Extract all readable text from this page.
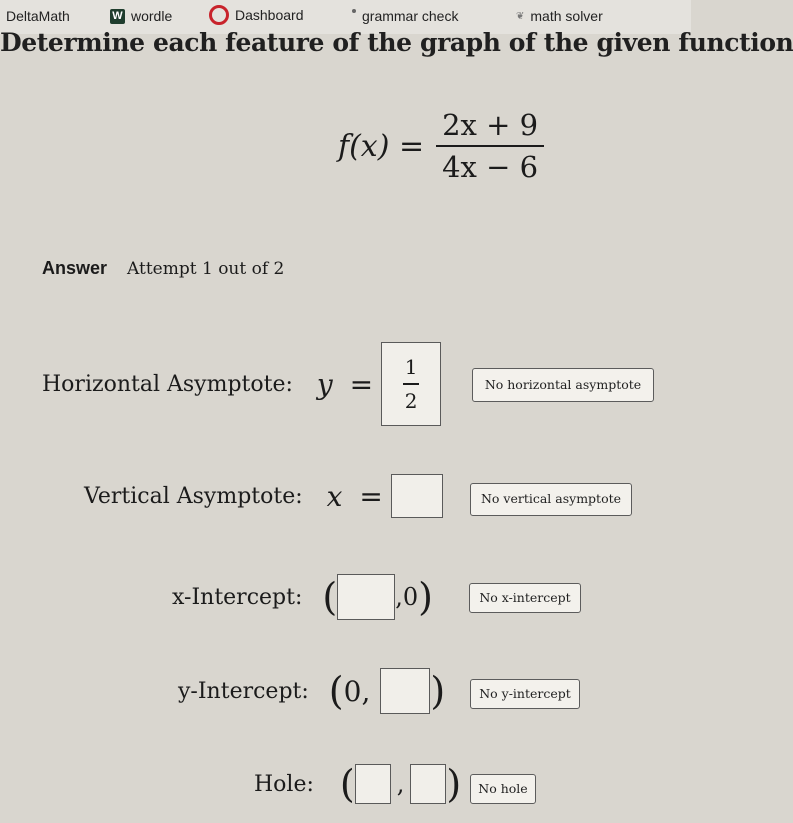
DeltaMath	W wordle	Dashboard	grammar check	❦ math solver
Determine each feature of the graph of the given function
$f(x) = \frac{2x + 9}{4x - 6}$
Answer Attempt 1 out of 2
Horizontal Asymptote: $y = \frac{1}{2}$	No horizontal asymptote
Vertical Asymptote: x =	No vertical asymptote
x-Intercept: ( , 0 )	No x-intercept
y-Intercept: ( 0 , )	No y-intercept
Hole: ( , )	No hole
